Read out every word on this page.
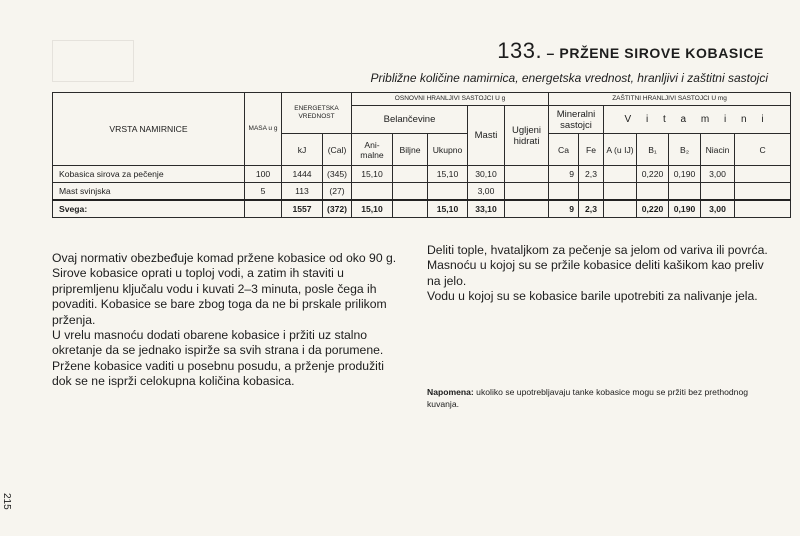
133. – PRŽENE SIROVE KOBASICE
Približne količine namirnica, energetska vrednost, hranljivi i zaštitni sastojci
VRSTA NAMIRNICE	MASA u g	ENERGETSKA VREDNOST		OSNOVNI HRANLJIVI SASTOJCI U g					ZAŠTITNI HRANLJIVI SASTOJCI U mg						
				Belančevine			Masti	Ugljeni hidrati	Mineralni sastojci		V i t a m i n i				
		kJ	(Cal)	Ani-malne	Biljne	Ukupno			Ca	Fe	A (u IJ)	B₁	B₂	Niacin	C
Kobasica sirova za pečenje	100	1444	(345)	15,10		15,10	30,10		9	2,3		0,220	0,190	3,00	
Mast svinjska	5	113	(27)				3,00								
Svega:		1557	(372)	15,10		15,10	33,10		9	2,3		0,220	0,190	3,00	

Ovaj normativ obezbeđuje komad pržene kobasice od oko 90 g.

Sirove kobasice oprati u toploj vodi, a zatim ih staviti u pripremljenu ključalu vodu i kuvati 2–3 minuta, posle čega ih povaditi. Kobasice se bare zbog toga da ne bi prskale prilikom prženja.

U vrelu masnoću dodati obarene kobasice i pržiti uz stalno okretanje da se jednako ispirže sa svih strana i da porumene.

Pržene kobasice vaditi u posebnu posudu, a prženje produžiti dok se ne isprži celokupna količina kobasica.

Deliti tople, hvataljkom za pečenje sa jelom od variva ili povrća.

Masnoću u kojoj su se pržile kobasice deliti kašikom kao preliv na jelo.

Vodu u kojoj su se kobasice barile upotrebiti za nalivanje jela.

Napomena: ukoliko se upotrebljavaju tanke kobasice mogu se pržiti bez prethodnog kuvanja.
215
